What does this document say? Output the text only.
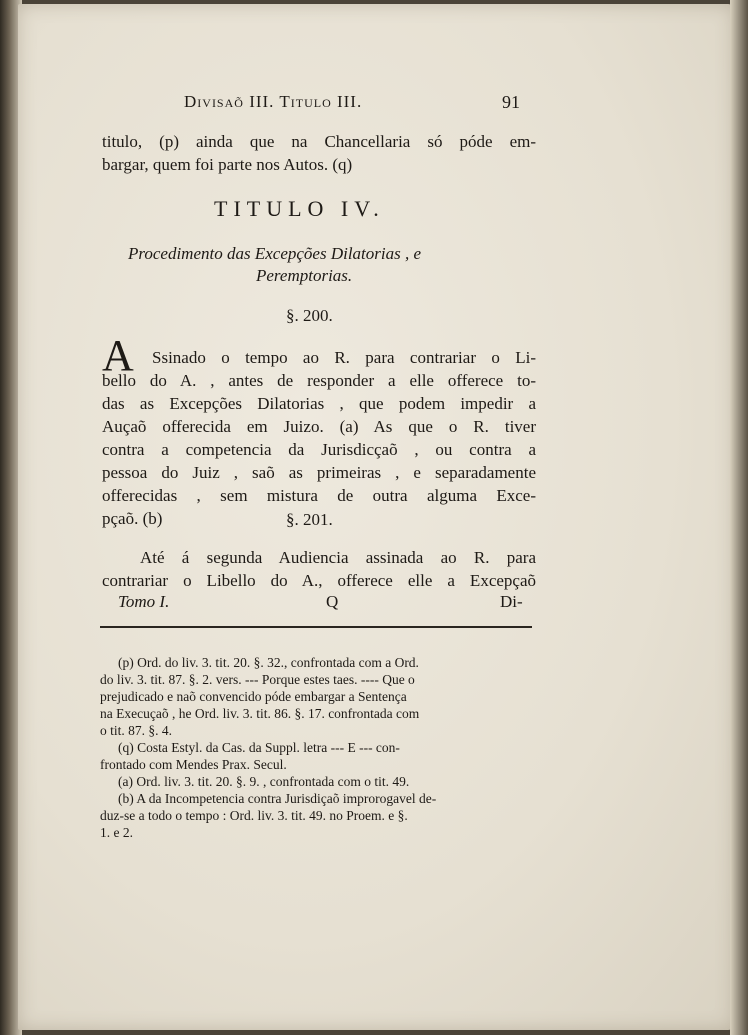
Divisaõ III. Titulo III.	91
titulo, (p) ainda que na Chancellaria só póde em-
bargar, quem foi parte nos Autos. (q)
TITULO IV.
Procedimento das Excepções Dilatorias , e
Peremptorias.
§. 200.
A Ssinado o tempo ao R. para contrariar o Li-
bello do A. , antes de responder a elle offerece to-
das as Excepções Dilatorias , que podem impedir a
Auçaõ offerecida em Juizo. (a) As que o R. tiver
contra a competencia da Jurisdicçaõ , ou contra a
pessoa do Juiz , saõ as primeiras , e separadamente
offerecidas , sem mistura de outra alguma Exce-
pçaõ. (b)	§. 201.
Até á segunda Audiencia assinada ao R. para
contrariar o Libello do A., offerece elle a Excepçaõ
Tomo I.	Q	Di-
(p) Ord. do liv. 3. tit. 20. §. 32., confrontada com a Ord.
do liv. 3. tit. 87. §. 2. vers. --- Porque estes taes. ---- Que o
prejudicado e naõ convencido póde embargar a Sentença
na Execuçaõ , he Ord. liv. 3. tit. 86. §. 17. confrontada com
o tit. 87. §. 4.
(q) Costa Estyl. da Cas. da Suppl. letra --- E --- con-
frontado com Mendes Prax. Secul.
(a) Ord. liv. 3. tit. 20. §. 9. , confrontada com o tit. 49.
(b) A da Incompetencia contra Jurisdiçaõ improrogavel de-
duz-se a todo o tempo : Ord. liv. 3. tit. 49. no Proem. e §.
1. e 2.
